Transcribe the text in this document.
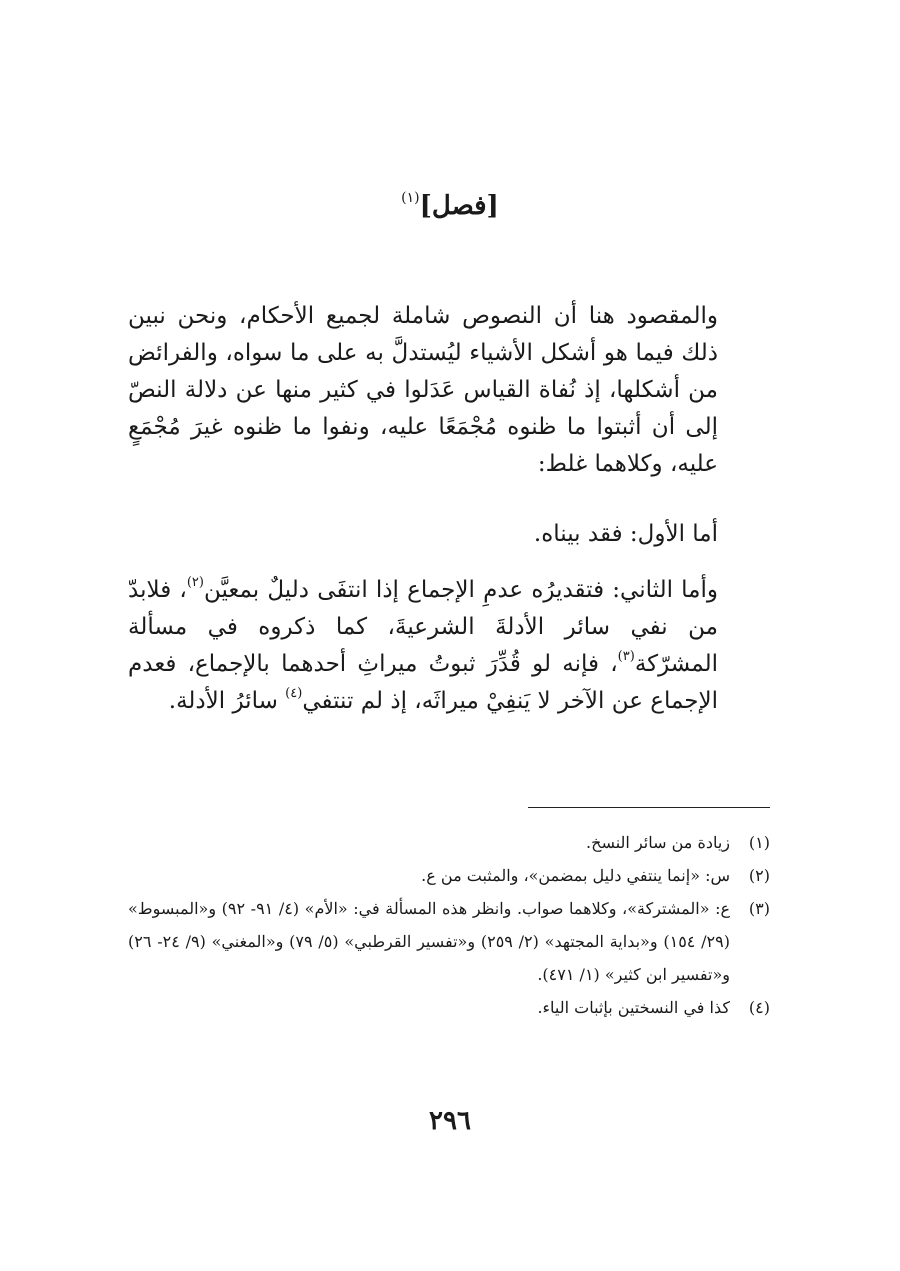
[فصل]$^{(١)}$

والمقصود هنا أن النصوص شاملة لجميع الأحكام، ونحن نبين ذلك فيما هو أشكل الأشياء ليُستدلَّ به على ما سواه، والفرائض من أشكلها، إذ نُفاة القياس عَدَلوا في كثير منها عن دلالة النصّ إلى أن أثبتوا ما ظنوه مُجْمَعًا عليه، ونفوا ما ظنوه غيرَ مُجْمَعٍ عليه، وكلاهما غلط:

أما الأول: فقد بيناه.

وأما الثاني: فتقديرُه عدمِ الإجماع إذا انتفَى دليلٌ بمعيَّن$^{(٢)}$، فلابدّ من نفي سائر الأدلةَ الشرعيةَ، كما ذكروه في مسألة المشرّكة$^{(٣)}$، فإنه لو قُدِّرَ ثبوتُ ميراثِ أحدهما بالإجماع، فعدم الإجماع عن الآخر لا يَنفِيْ ميراثَه، إذ لم تنتفي$^{(٤)}$ سائرُ الأدلة.

(١)
زيادة من سائر النسخ.
(٢)
س: «إنما ينتفي دليل بمضمن»، والمثبت من ع.
(٣)
ع: «المشتركة»، وكلاهما صواب. وانظر هذه المسألة في: «الأم» (٤/ ٩١- ٩٢) و«المبسوط» (٢٩/ ١٥٤) و«بداية المجتهد» (٢/ ٢٥٩) و«تفسير القرطبي» (٥/ ٧٩) و«المغني» (٩/ ٢٤- ٢٦) و«تفسير ابن كثير» (١/ ٤٧١).
(٤)
كذا في النسختين بإثبات الياء.
٢٩٦
